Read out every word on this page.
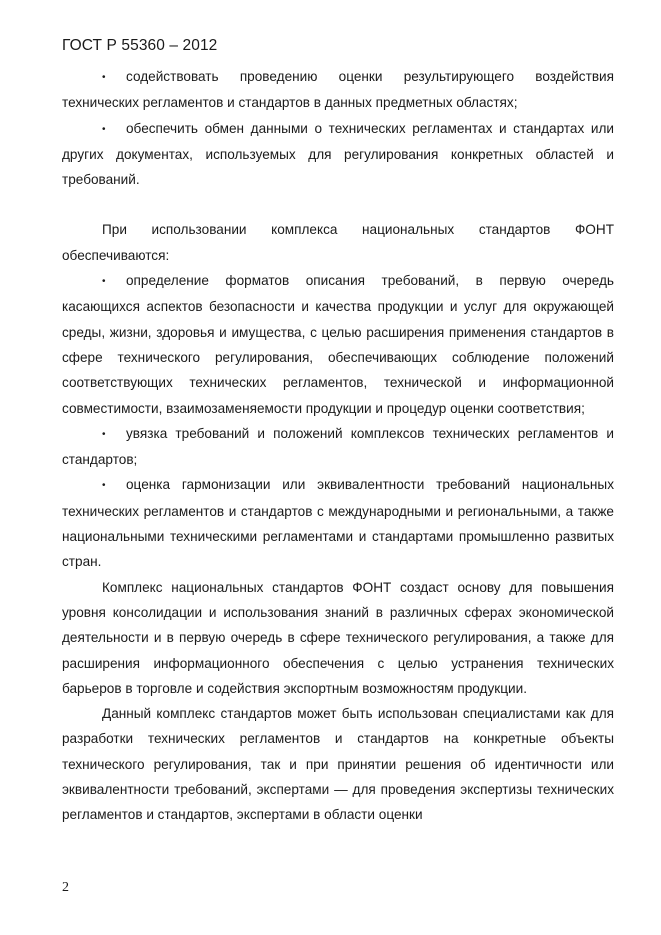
ГОСТ Р 55360 – 2012

• содействовать проведению оценки результирующего воздействия технических регламентов и стандартов в данных предметных областях;

• обеспечить обмен данными о технических регламентах и стандартах или других документах, используемых для регулирования конкретных областей и требований.

При использовании комплекса национальных стандартов ФОНТ обеспечиваются:

• определение форматов описания требований, в первую очередь касающихся аспектов безопасности и качества продукции и услуг для окружающей среды, жизни, здоровья и имущества, с целью расширения применения стандартов в сфере технического регулирования, обеспечивающих соблюдение положений соответствующих технических регламентов, технической и информационной совместимости, взаимозаменяемости продукции и процедур оценки соответствия;

• увязка требований и положений комплексов технических регламентов и стандартов;

• оценка гармонизации или эквивалентности требований национальных технических регламентов и стандартов с международными и региональными, а также национальными техническими регламентами и стандартами промышленно развитых стран.

Комплекс национальных стандартов ФОНТ создаст основу для повышения уровня консолидации и использования знаний в различных сферах экономической деятельности и в первую очередь в сфере технического регулирования, а также для расширения информационного обеспечения с целью устранения технических барьеров в торговле и содействия экспортным возможностям продукции.

Данный комплекс стандартов может быть использован специалистами как для разработки технических регламентов и стандартов на конкретные объекты технического регулирования, так и при принятии решения об идентичности или эквивалентности требований, экспертами — для проведения экспертизы технических регламентов и стандартов, экспертами в области оценки

2
